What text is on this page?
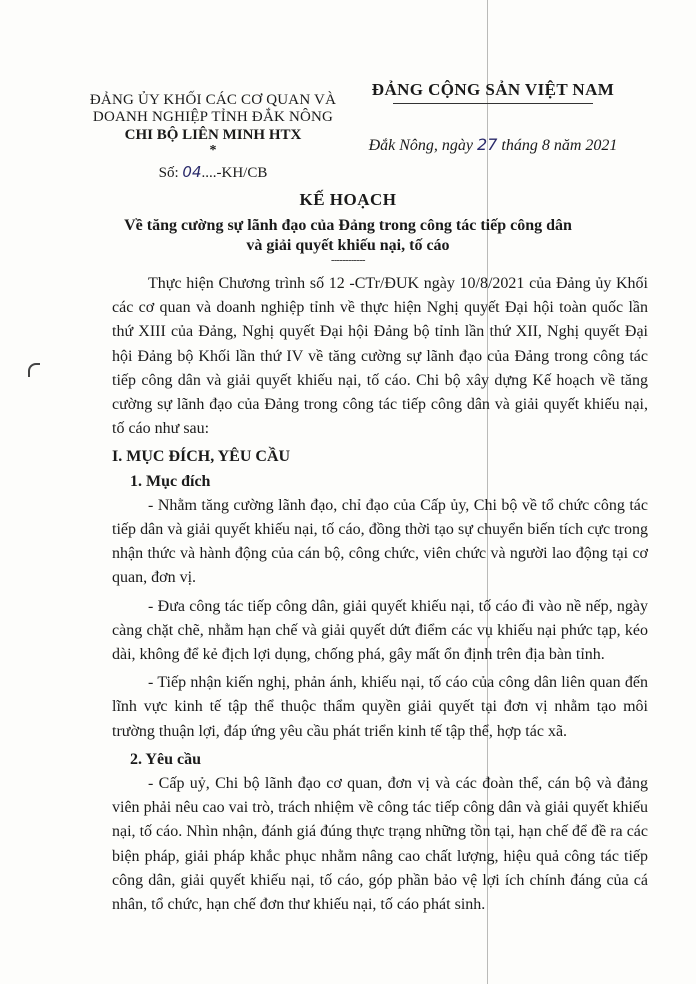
ĐẢNG ỦY KHỐI CÁC CƠ QUAN VÀ
DOANH NGHIỆP TỈNH ĐẮK NÔNG
CHI BỘ LIÊN MINH HTX
*
Số: 04....-KH/CB
ĐẢNG CỘNG SẢN VIỆT NAM
Đắk Nông, ngày 27 tháng 8 năm 2021
KẾ HOẠCH
Về tăng cường sự lãnh đạo của Đảng trong công tác tiếp công dân
và giải quyết khiếu nại, tố cáo
------------

Thực hiện Chương trình số 12 -CTr/ĐUK ngày 10/8/2021 của Đảng ủy Khối các cơ quan và doanh nghiệp tỉnh về thực hiện Nghị quyết Đại hội toàn quốc lần thứ XIII của Đảng, Nghị quyết Đại hội Đảng bộ tỉnh lần thứ XII, Nghị quyết Đại hội Đảng bộ Khối lần thứ IV về tăng cường sự lãnh đạo của Đảng trong công tác tiếp công dân và giải quyết khiếu nại, tố cáo. Chi bộ xây dựng Kế hoạch về tăng cường sự lãnh đạo của Đảng trong công tác tiếp công dân và giải quyết khiếu nại, tố cáo như sau:

I. MỤC ĐÍCH, YÊU CẦU

1. Mục đích

- Nhằm tăng cường lãnh đạo, chỉ đạo của Cấp ủy, Chi bộ về tổ chức công tác tiếp dân và giải quyết khiếu nại, tố cáo, đồng thời tạo sự chuyển biến tích cực trong nhận thức và hành động của cán bộ, công chức, viên chức và người lao động tại cơ quan, đơn vị.

- Đưa công tác tiếp công dân, giải quyết khiếu nại, tố cáo đi vào nề nếp, ngày càng chặt chẽ, nhằm hạn chế và giải quyết dứt điểm các vụ khiếu nại phức tạp, kéo dài, không để kẻ địch lợi dụng, chống phá, gây mất ổn định trên địa bàn tỉnh.

- Tiếp nhận kiến nghị, phản ánh, khiếu nại, tố cáo của công dân liên quan đến lĩnh vực kinh tế tập thể thuộc thẩm quyền giải quyết tại đơn vị nhằm tạo môi trường thuận lợi, đáp ứng yêu cầu phát triển kinh tế tập thể, hợp tác xã.

2. Yêu cầu

- Cấp uỷ, Chi bộ lãnh đạo cơ quan, đơn vị và các đoàn thể, cán bộ và đảng viên phải nêu cao vai trò, trách nhiệm về công tác tiếp công dân và giải quyết khiếu nại, tố cáo. Nhìn nhận, đánh giá đúng thực trạng những tồn tại, hạn chế để đề ra các biện pháp, giải pháp khắc phục nhằm nâng cao chất lượng, hiệu quả công tác tiếp công dân, giải quyết khiếu nại, tố cáo, góp phần bảo vệ lợi ích chính đáng của cá nhân, tổ chức, hạn chế đơn thư khiếu nại, tố cáo phát sinh.
